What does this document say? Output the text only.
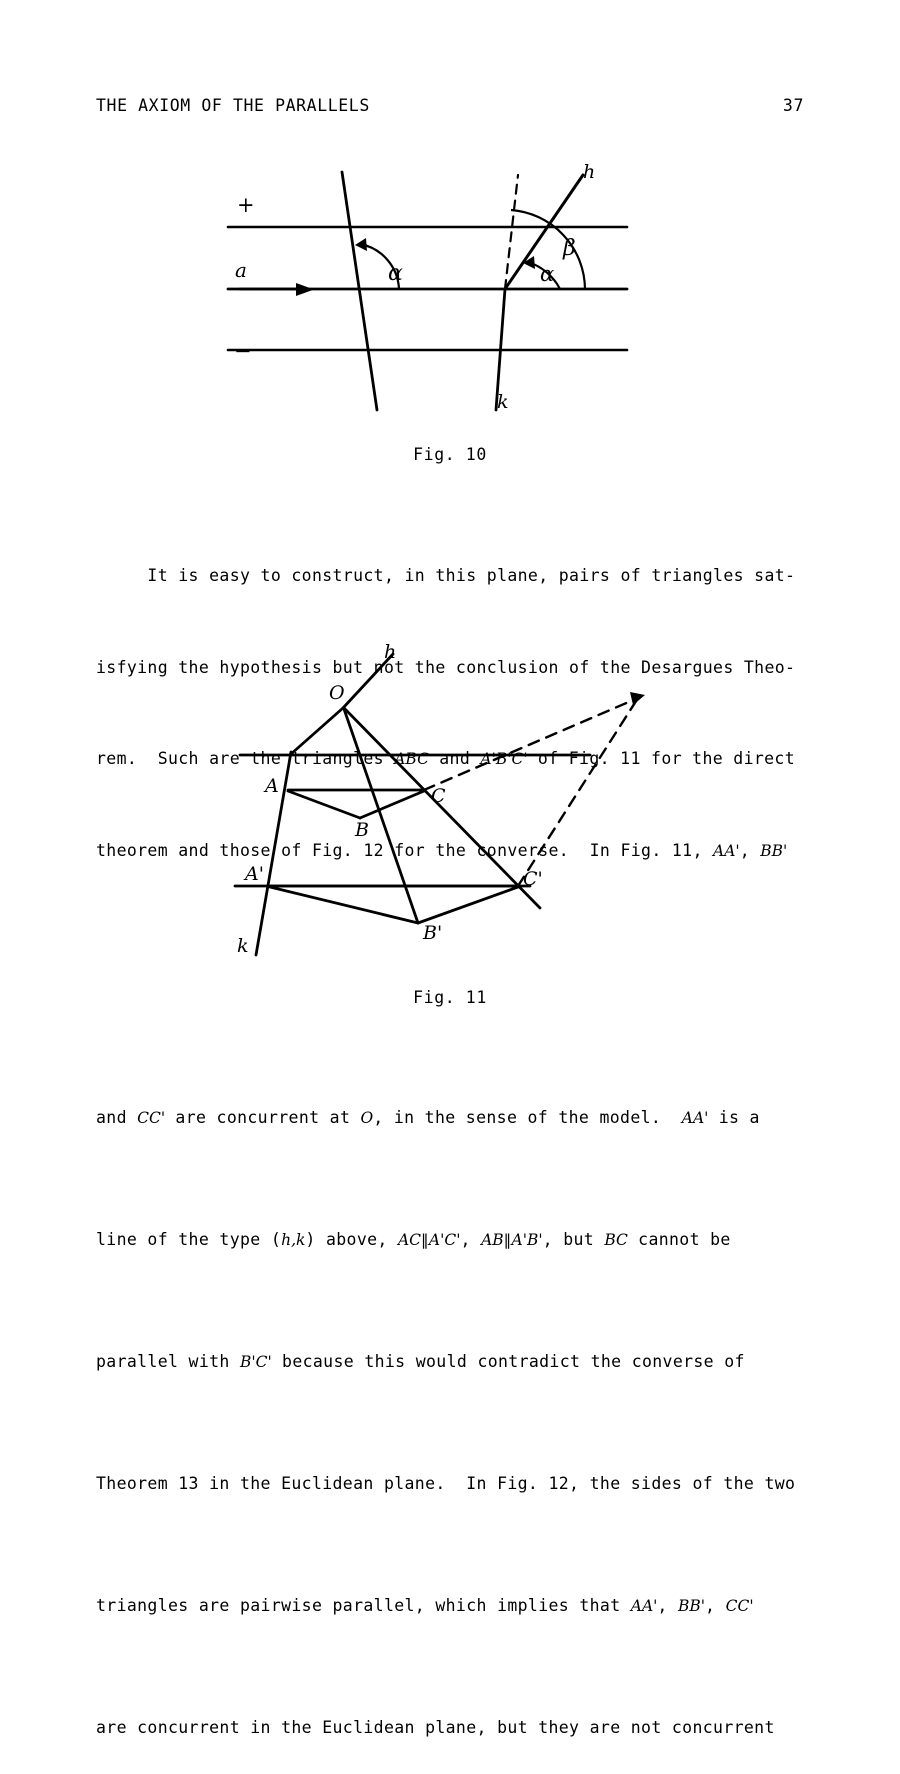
THE AXIOM OF THE PARALLELS	37
+
a
−
h
k
α	α
β
Fig. 10

It is easy to construct, in this plane, pairs of triangles sat-

isfying the hypothesis but not the conclusion of the Desargues Theo-

rem.  Such are the triangles ABC and A'B'C' of Fig. 11 for the direct

theorem and those of Fig. 12 for the converse.  In Fig. 11, AA', BB'

h
O
A
B
C
A'
B'
C'
k
Fig. 11

and CC' are concurrent at O, in the sense of the model.  AA' is a

line of the type (h,k) above, AC‖A'C', AB‖A'B', but BC cannot be

parallel with B'C' because this would contradict the converse of

Theorem 13 in the Euclidean plane.  In Fig. 12, the sides of the two

triangles are pairwise parallel, which implies that AA', BB', CC'

are concurrent in the Euclidean plane, but they are not concurrent
